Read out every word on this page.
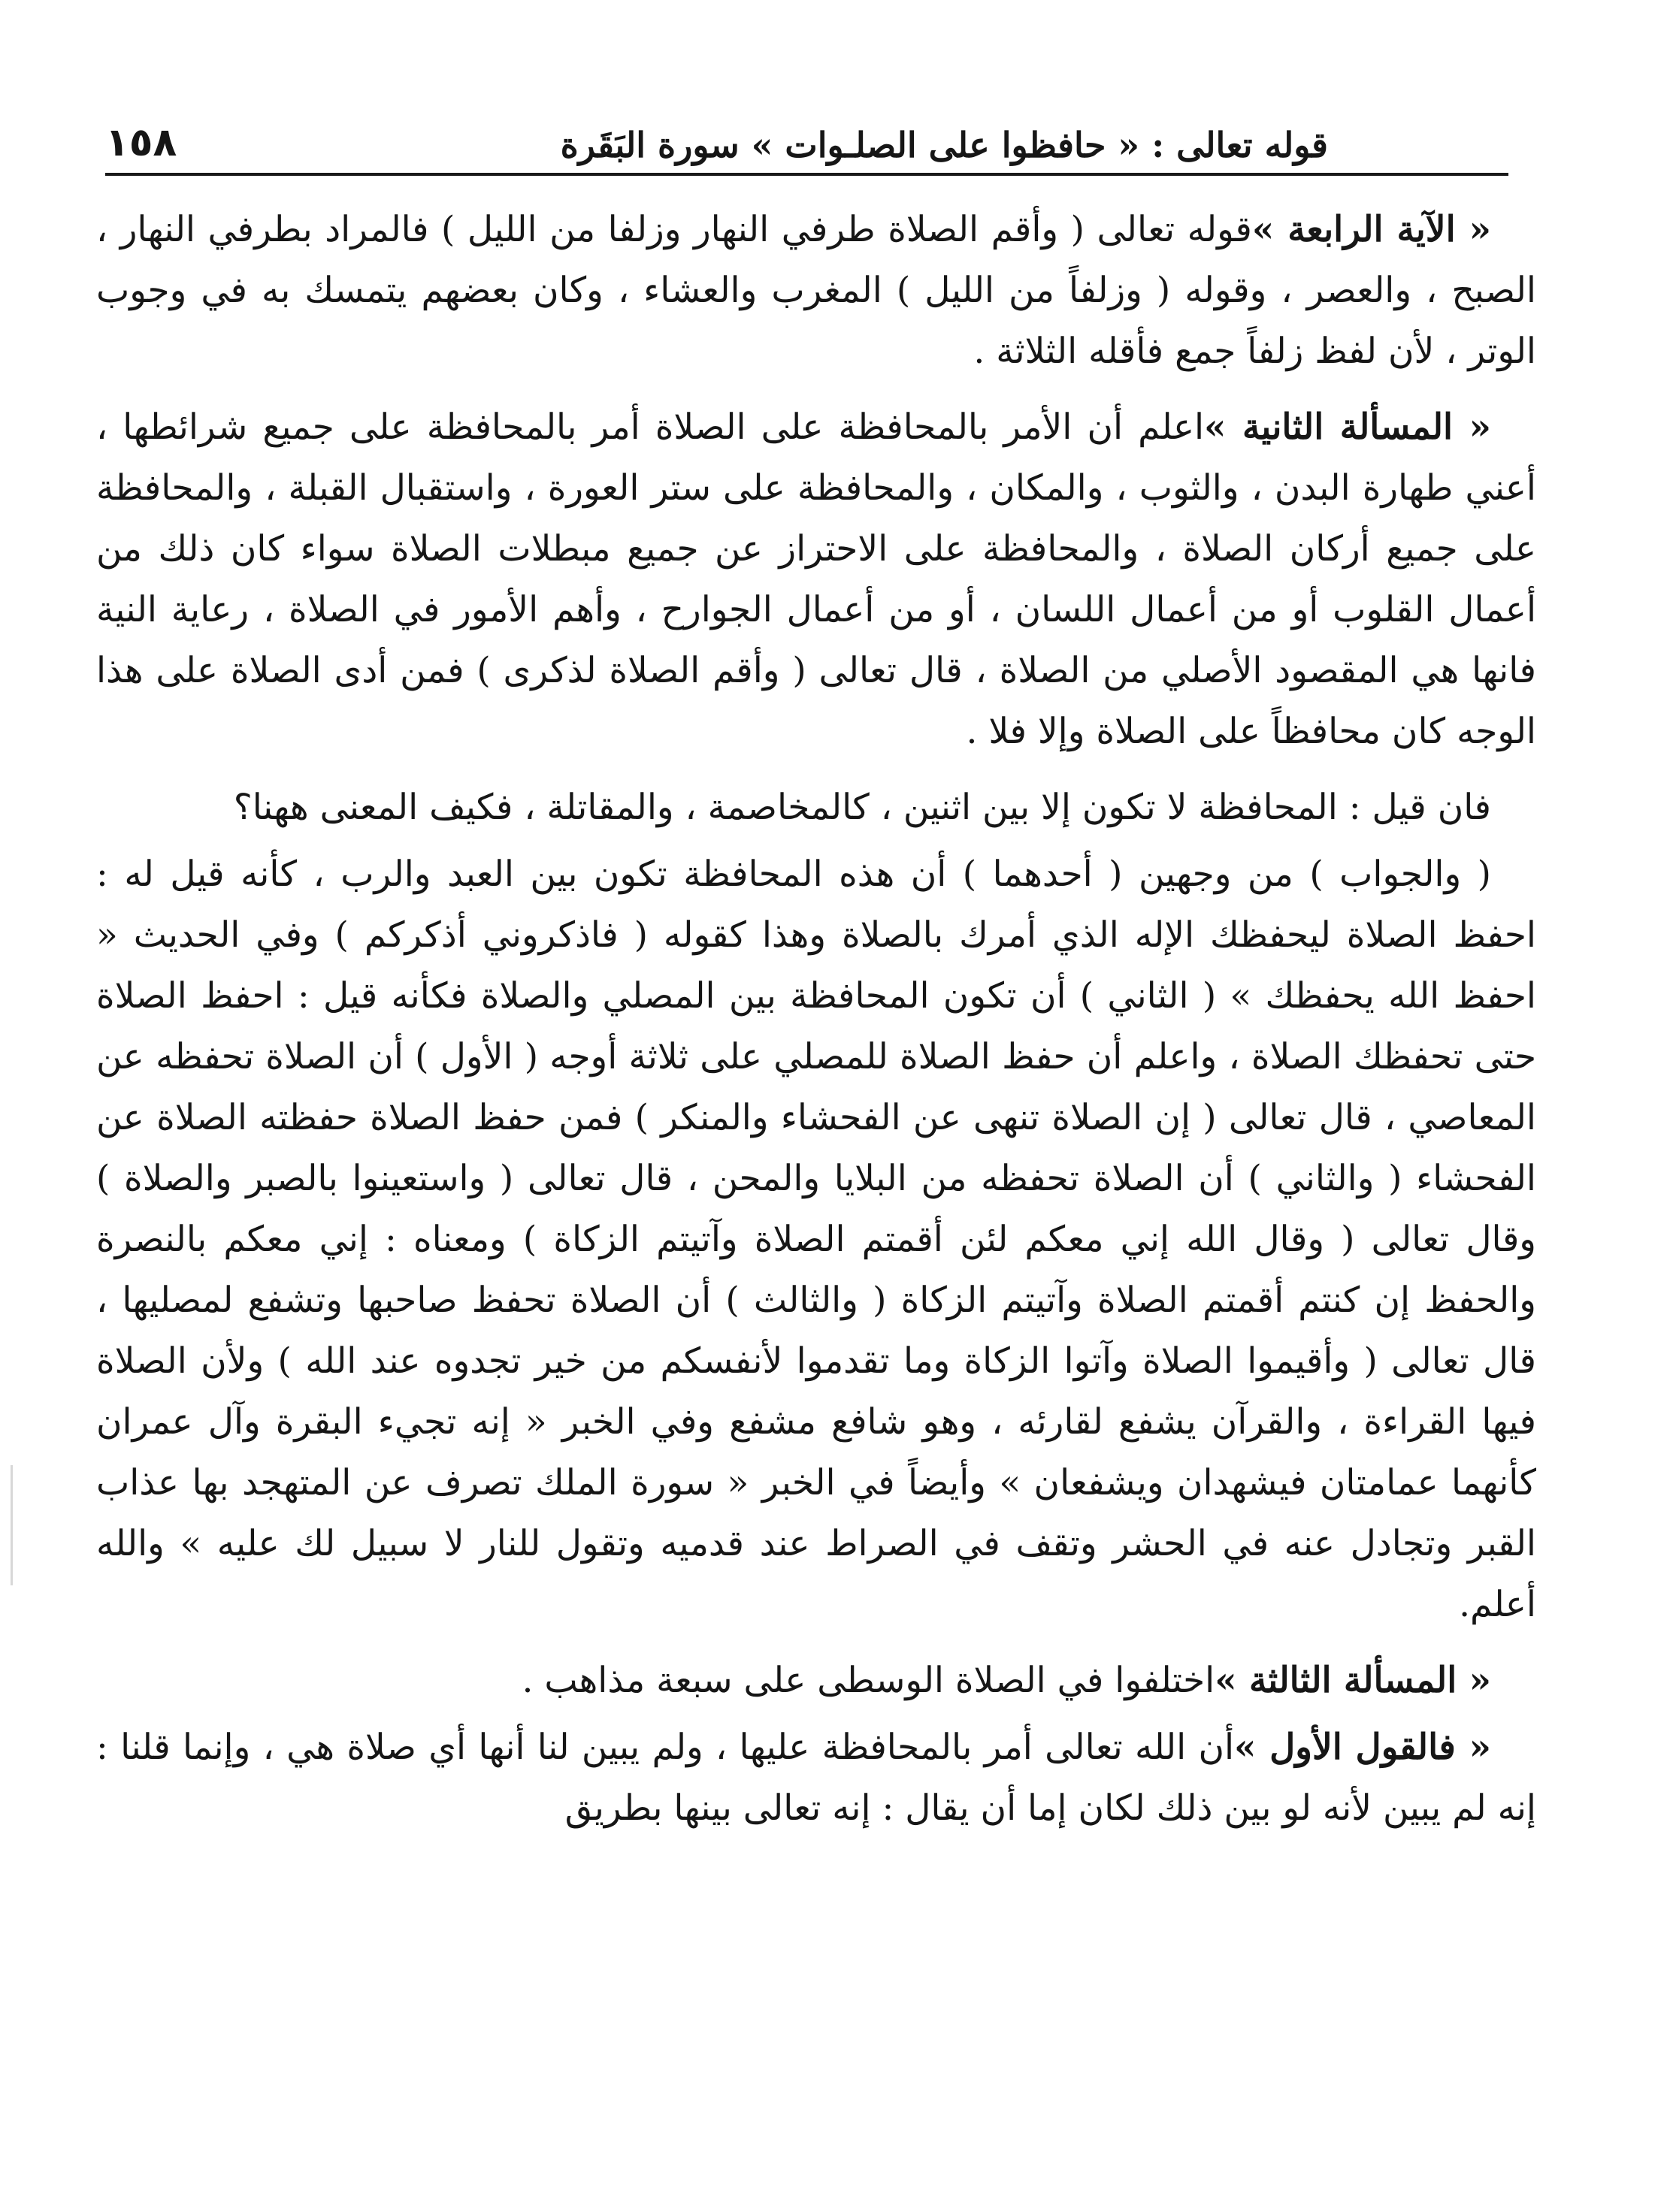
قوله تعالى : « حافظوا على الصلـوات » سورة البَقَرة
١٥٨

« الآية الرابعة »قوله تعالى ( وأقم الصلاة طرفي النهار وزلفا من الليل ) فالمراد بطرفي النهار ، الصبح ، والعصر ، وقوله ( وزلفاً من الليل ) المغرب والعشاء ، وكان بعضهم يتمسك به في وجوب الوتر ، لأن لفظ زلفاً جمع فأقله الثلاثة .

« المسألة الثانية »اعلم أن الأمر بالمحافظة على الصلاة أمر بالمحافظة على جميع شرائطها ، أعني طهارة البدن ، والثوب ، والمكان ، والمحافظة على ستر العورة ، واستقبال القبلة ، والمحافظة على جميع أركان الصلاة ، والمحافظة على الاحتراز عن جميع مبطلات الصلاة سواء كان ذلك من أعمال القلوب أو من أعمال اللسان ، أو من أعمال الجوارح ، وأهم الأمور في الصلاة ، رعاية النية فانها هي المقصود الأصلي من الصلاة ، قال تعالى ( وأقم الصلاة لذكرى ) فمن أدى الصلاة على هذا الوجه كان محافظاً على الصلاة وإلا فلا .

فان قيل : المحافظة لا تكون إلا بين اثنين ، كالمخاصمة ، والمقاتلة ، فكيف المعنى ههنا؟

( والجواب ) من وجهين ( أحدهما ) أن هذه المحافظة تكون بين العبد والرب ، كأنه قيل له : احفظ الصلاة ليحفظك الإله الذي أمرك بالصلاة وهذا كقوله ( فاذكروني أذكركم ) وفي الحديث « احفظ الله يحفظك » ( الثاني ) أن تكون المحافظة بين المصلي والصلاة فكأنه قيل : احفظ الصلاة حتى تحفظك الصلاة ، واعلم أن حفظ الصلاة للمصلي على ثلاثة أوجه ( الأول ) أن الصلاة تحفظه عن المعاصي ، قال تعالى ( إن الصلاة تنهى عن الفحشاء والمنكر ) فمن حفظ الصلاة حفظته الصلاة عن الفحشاء ( والثاني ) أن الصلاة تحفظه من البلايا والمحن ، قال تعالى ( واستعينوا بالصبر والصلاة ) وقال تعالى ( وقال الله إني معكم لئن أقمتم الصلاة وآتيتم الزكاة ) ومعناه : إني معكم بالنصرة والحفظ إن كنتم أقمتم الصلاة وآتيتم الزكاة ( والثالث ) أن الصلاة تحفظ صاحبها وتشفع لمصليها ، قال تعالى ( وأقيموا الصلاة وآتوا الزكاة وما تقدموا لأنفسكم من خير تجدوه عند الله ) ولأن الصلاة فيها القراءة ، والقرآن يشفع لقارئه ، وهو شافع مشفع وفي الخبر « إنه تجيء البقرة وآل عمران كأنهما عمامتان فيشهدان ويشفعان » وأيضاً في الخبر « سورة الملك تصرف عن المتهجد بها عذاب القبر وتجادل عنه في الحشر وتقف في الصراط عند قدميه وتقول للنار لا سبيل لك عليه » والله أعلم.

« المسألة الثالثة »اختلفوا في الصلاة الوسطى على سبعة مذاهب .

« فالقول الأول »أن الله تعالى أمر بالمحافظة عليها ، ولم يبين لنا أنها أي صلاة هي ، وإنما قلنا : إنه لم يبين لأنه لو بين ذلك لكان إما أن يقال : إنه تعالى بينها بطريق
